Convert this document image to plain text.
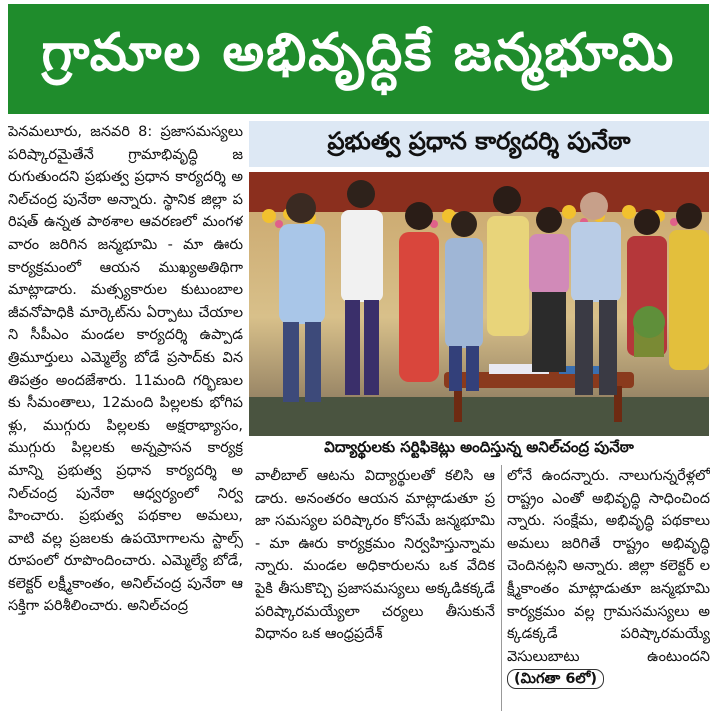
గ్రామాల అభివృద్ధికే జన్మభూమి

పెనమలూరు, జనవరి 8: ప్రజాసమస్యలు పరిష్కారమైతేనే గ్రామాభివృద్ధి జరుగుతుందని ప్రభుత్వ ప్రధాన కార్యదర్శి అనిల్‌చంద్ర పునేఠా అన్నారు. స్థానిక జిల్లా పరిషత్ ఉన్నత పాఠశాల ఆవరణలో మంగళవారం జరిగిన జన్మభూమి - మా ఊరు కార్యక్రమంలో ఆయన ముఖ్యఅతిథిగా మాట్లాడారు. మత్స్యకారుల కుటుంబాల జీవనోపాధికి మార్కెట్‌ను ఏర్పాటు చేయాలని సీపీఎం మండల కార్యదర్శి ఉప్పాడ త్రిమూర్తులు ఎమ్మెల్యే బోడే ప్రసాద్‌కు వినతిపత్రం అందజేశారు. 11మంది గర్భిణులకు సీమంతాలు, 12మంది పిల్లలకు భోగిపళ్లు, ముగ్గురు పిల్లలకు అక్షరాభ్యాసం, ముగ్గురు పిల్లలకు అన్నప్రాసన కార్యక్రమాన్ని ప్రభుత్వ ప్రధాన కార్యదర్శి అనిల్‌చంద్ర పునేఠా ఆధ్వర్యంలో నిర్వహించారు. ప్రభుత్వ పథకాల అమలు, వాటి వల్ల ప్రజలకు ఉపయోగాలను స్టాల్స్ రూపంలో రూపొందించారు. ఎమ్మెల్యే బోడే, కలెక్టర్ లక్ష్మీకాంతం, అనిల్‌చంద్ర పునేఠా ఆసక్తిగా పరిశీలించారు. అనిల్‌చంద్ర

ప్రభుత్వ ప్రధాన కార్యదర్శి పునేఠా
విద్యార్థులకు సర్టిఫికెట్లు అందిస్తున్న అనిల్‌చంద్ర పునేఠా

వాలీబాల్ ఆటను విద్యార్థులతో కలిసి ఆడారు. అనంతరం ఆయన మాట్లాడుతూ ప్రజా సమస్యల పరిష్కారం కోసమే జన్మభూమి - మా ఊరు కార్యక్రమం నిర్వహిస్తున్నామన్నారు. మండల అధికారులను ఒక వేదిక పైకి తీసుకొచ్చి ప్రజాసమస్యలు అక్కడికక్కడే పరిష్కారమయ్యేలా చర్యలు తీసుకునే విధానం ఒక ఆంధ్రప్రదేశ్

లోనే ఉందన్నారు. నాలుగున్నరేళ్లలో రాష్ట్రం ఎంతో అభివృద్ధి సాధించిందన్నారు. సంక్షేమ, అభివృద్ధి పథకాలు అమలు జరిగితే రాష్ట్రం అభివృద్ధి చెందినట్లని అన్నారు. జిల్లా కలెక్టర్ లక్ష్మీకాంతం మాట్లాడుతూ జన్మభూమి కార్యక్రమం వల్ల గ్రామసమస్యలు అక్కడక్కడే పరిష్కారమయ్యే వెసులుబాటు ఉంటుందని (మిగతా 6లో)
